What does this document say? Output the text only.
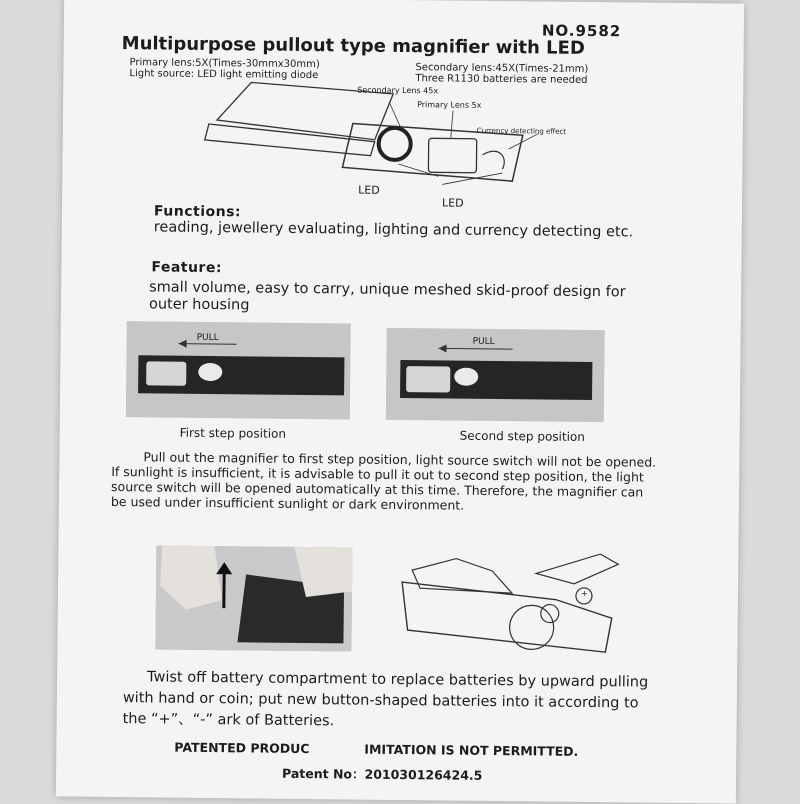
NO.9582
Multipurpose pullout type magnifier with LED
Primary lens:5X(Times-30mmx30mm)
Light source: LED light emitting diode	Secondary lens:45X(Times-21mm)
Three R1130 batteries are needed
Secondary Lens 45x
Primary Lens 5x
Currency detecting effect
LED
LED
Functions:
reading, jewellery evaluating, lighting and currency detecting etc.
Feature:
small volume, easy to carry, unique meshed skid-proof design for outer housing
PULL
First step position
PULL
Second step position
Pull out the magnifier to first step position, light source switch will not be opened. If sunlight is insufficient, it is advisable to pull it out to second step position, the light source switch will be opened automatically at this time. Therefore, the magnifier can be used under insufficient sunlight or dark environment.
+
Twist off battery compartment to replace batteries by upward pulling with hand or coin; put new button-shaped batteries into it according to the “+”、“-” ark of Batteries.
PATENTED PRODUC	IMITATION IS NOT PERMITTED.
Patent No：201030126424.5
